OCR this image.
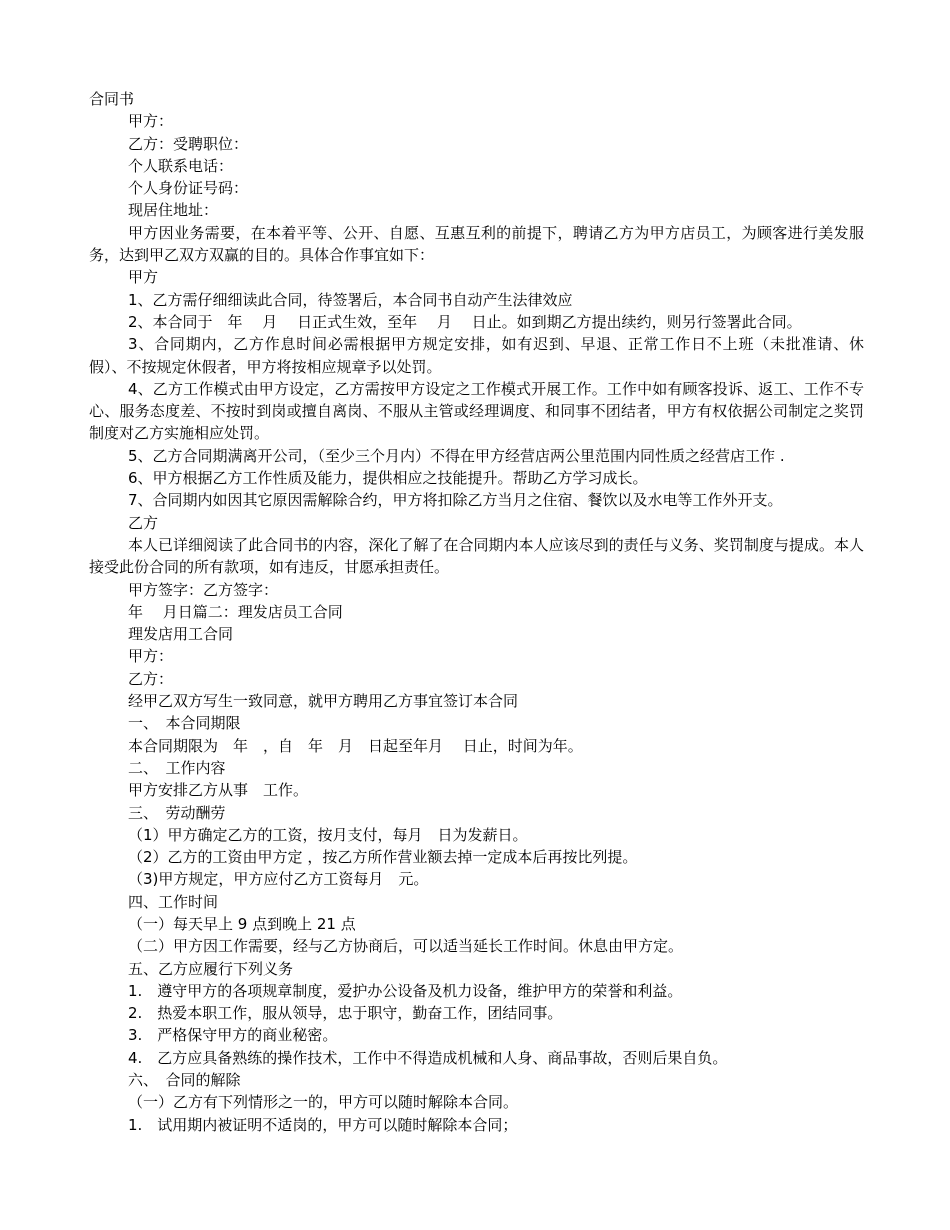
合同书

甲方：

乙方：受聘职位：

个人联系电话：

个人身份证号码：

现居住地址：

甲方因业务需要，在本着平等、公开、自愿、互惠互利的前提下，聘请乙方为甲方店员工，为顾客进行美发服务，达到甲乙双方双赢的目的。具体合作事宜如下：

甲方

1、乙方需仔细细读此合同，待签署后，本合同书自动产生法律效应

2、本合同于　年　 月　 日正式生效，至年　 月　 日止。如到期乙方提出续约，则另行签署此合同。

3、合同期内，乙方作息时间必需根据甲方规定安排，如有迟到、早退、正常工作日不上班（未批准请、休假）、不按规定休假者，甲方将按相应规章予以处罚。

4、乙方工作模式由甲方设定，乙方需按甲方设定之工作模式开展工作。工作中如有顾客投诉、返工、工作不专心、服务态度差、不按时到岗或擅自离岗、不服从主管或经理调度、和同事不团结者，甲方有权依据公司制定之奖罚制度对乙方实施相应处罚。

5、乙方合同期满离开公司，（至少三个月内）不得在甲方经营店两公里范围内同性质之经营店工作 .

6、甲方根据乙方工作性质及能力，提供相应之技能提升。帮助乙方学习成长。

7、合同期内如因其它原因需解除合约，甲方将扣除乙方当月之住宿、餐饮以及水电等工作外开支。

乙方

本人已详细阅读了此合同书的内容，深化了解了在合同期内本人应该尽到的责任与义务、奖罚制度与提成。本人接受此份合同的所有款项，如有违反，甘愿承担责任。

甲方签字：乙方签字：

年　 月日篇二：理发店员工合同

理发店用工合同

甲方：

乙方：

经甲乙双方写生一致同意，就甲方聘用乙方事宜签订本合同

一、　本合同期限

本合同期限为　年　，自　年　月　日起至年月　 日止，时间为年。

二、　工作内容

甲方安排乙方从事　工作。

三、　劳动酬劳

（1）甲方确定乙方的工资，按月支付，每月　日为发薪日。

（2）乙方的工资由甲方定 ，按乙方所作营业额去掉一定成本后再按比列提。

（3)甲方规定，甲方应付乙方工资每月　元。

四、工作时间

（一）每天早上 9 点到晚上 21 点

（二）甲方因工作需要，经与乙方协商后，可以适当延长工作时间。休息由甲方定。

五、乙方应履行下列义务

1.　遵守甲方的各项规章制度，爱护办公设备及机力设备，维护甲方的荣誉和利益。

2.　热爱本职工作，服从领导，忠于职守，勤奋工作，团结同事。

3.　严格保守甲方的商业秘密。

4.　乙方应具备熟练的操作技术，工作中不得造成机械和人身、商品事故，否则后果自负。

六、　合同的解除

（一）乙方有下列情形之一的，甲方可以随时解除本合同。

1.　试用期内被证明不适岗的，甲方可以随时解除本合同；
